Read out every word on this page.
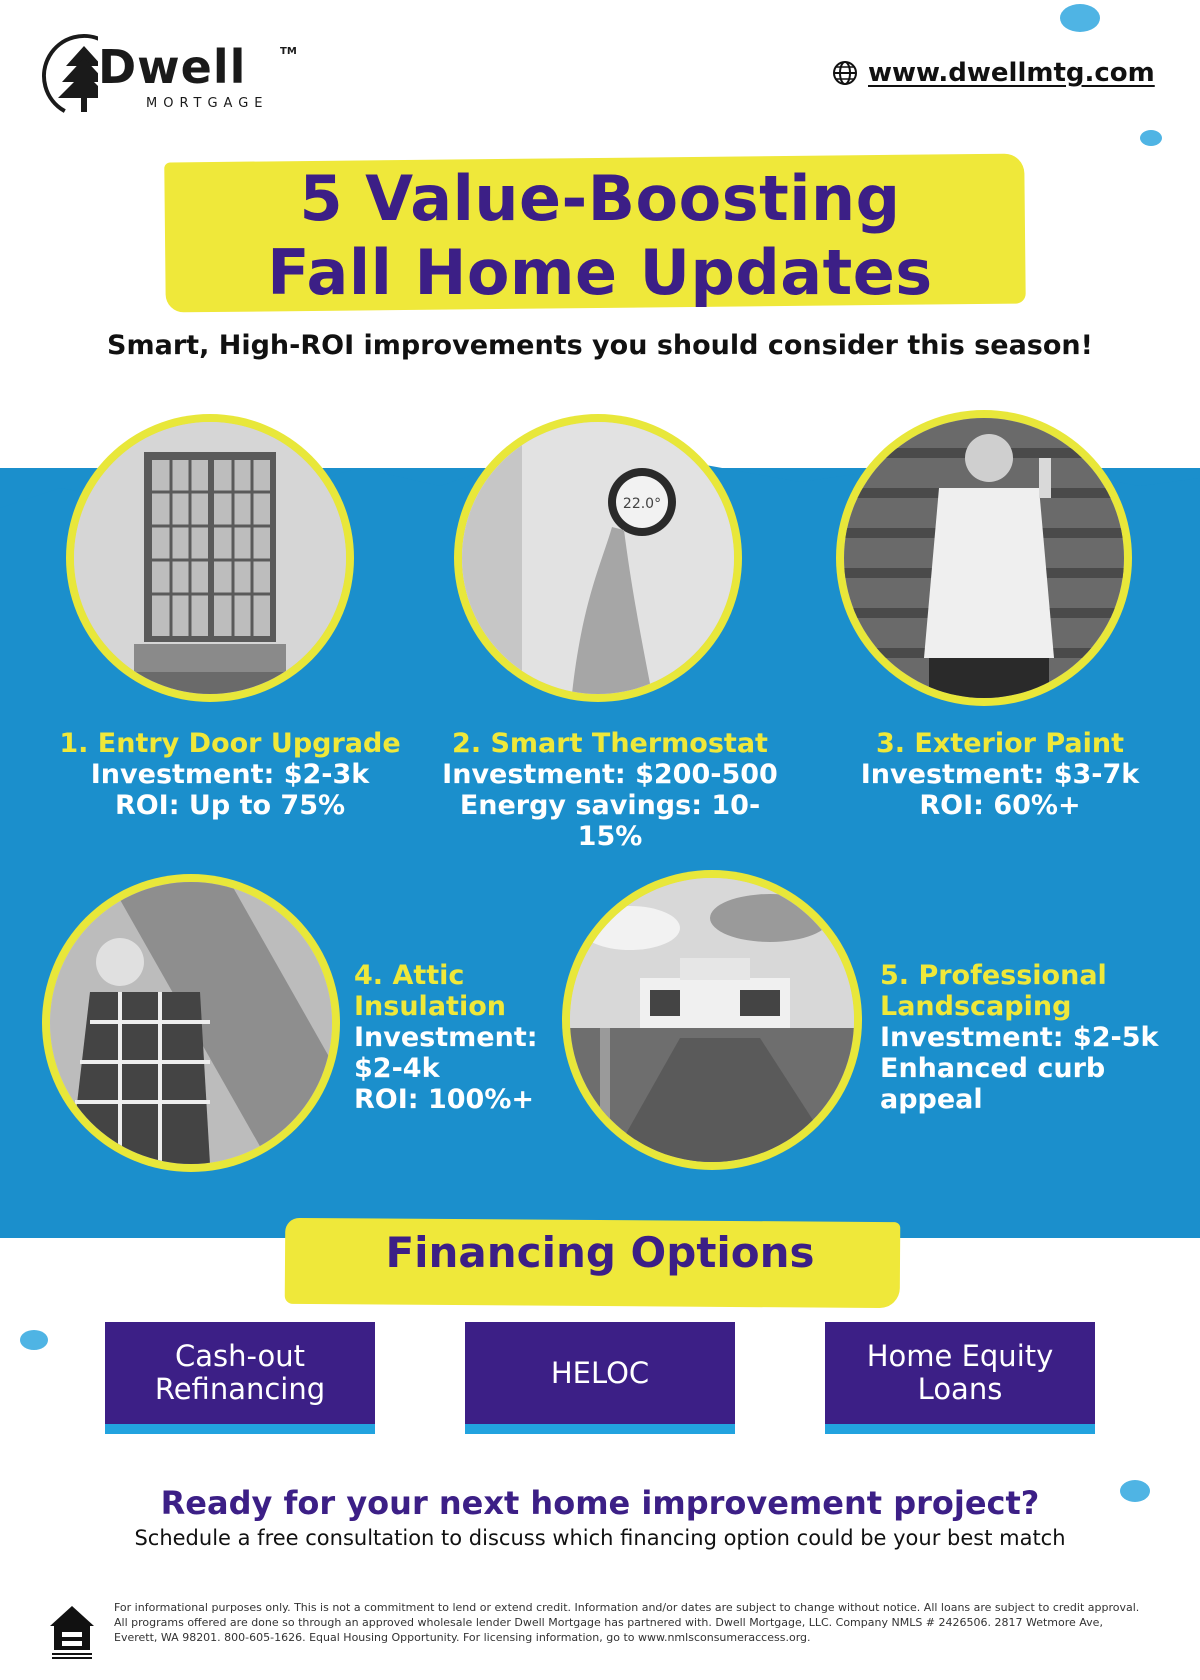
Dwell	TM
MORTGAGE
www.dwellmtg.com
5 Value-Boosting
Fall Home Updates
Smart, High-ROI improvements you should consider this season!
22.0°
1. Entry Door Upgrade
Investment: $2-3k
ROI: Up to 75%
2. Smart Thermostat
Investment: $200-500
Energy savings: 10-15%
3. Exterior Paint
Investment: $3-7k
ROI: 60%+
4. Attic
Insulation
Investment:
$2-4k
ROI: 100%+
5. Professional
Landscaping
Investment: $2-5k
Enhanced curb
appeal
Financing Options
Cash-out
Refinancing	HELOC	Home Equity
Loans
Ready for your next home improvement project?
Schedule a free consultation to discuss which financing option could be your best match
For informational purposes only. This is not a commitment to lend or extend credit. Information and/or dates are subject to change without notice. All loans are subject to credit approval. All programs offered are done so through an approved wholesale lender Dwell Mortgage has partnered with. Dwell Mortgage, LLC. Company NMLS # 2426506. 2817 Wetmore Ave, Everett, WA 98201. 800-605-1626. Equal Housing Opportunity. For licensing information, go to www.nmlsconsumeraccess.org.
